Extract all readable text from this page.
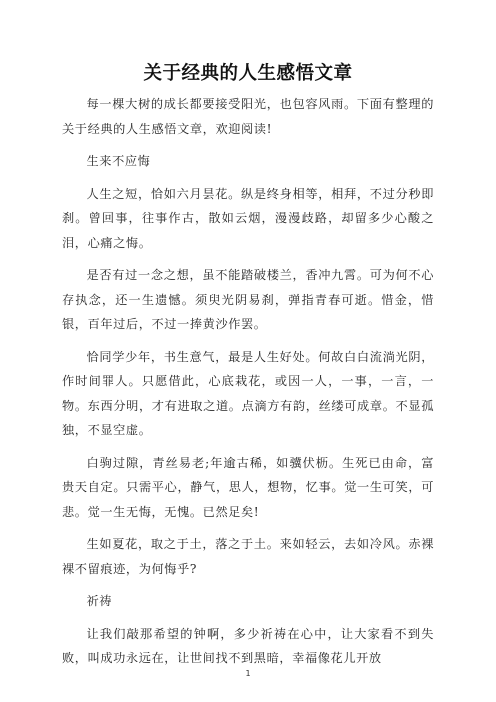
关于经典的人生感悟文章

每一棵大树的成长都要接受阳光，也包容风雨。下面有整理的关于经典的人生感悟文章，欢迎阅读!

生来不应悔

人生之短，恰如六月昙花。纵是终身相等，相拜，不过分秒即刹。曾回事，往事作古，散如云烟，漫漫歧路，却留多少心酸之泪，心痛之悔。

是否有过一念之想，虽不能踏破楼兰，香冲九霄。可为何不心存执念，还一生遗憾。须臾光阴易刹，弹指青春可逝。惜金，惜银，百年过后，不过一捧黄沙作罢。

恰同学少年，书生意气，最是人生好处。何故白白流淌光阴，作时间罪人。只愿借此，心底栽花，或因一人，一事，一言，一物。东西分明，才有进取之道。点滴方有韵，丝缕可成章。不显孤独，不显空虚。

白驹过隙，青丝易老;年逾古稀，如骥伏枥。生死已由命，富贵天自定。只需平心，静气，思人，想物，忆事。觉一生可笑，可悲。觉一生无悔，无愧。已然足矣!

生如夏花，取之于土，落之于土。来如轻云，去如冷风。赤裸裸不留痕迹，为何悔乎?

祈祷

让我们敲那希望的钟啊，多少祈祷在心中，让大家看不到失败，叫成功永远在，让世间找不到黑暗，幸福像花儿开放

1
